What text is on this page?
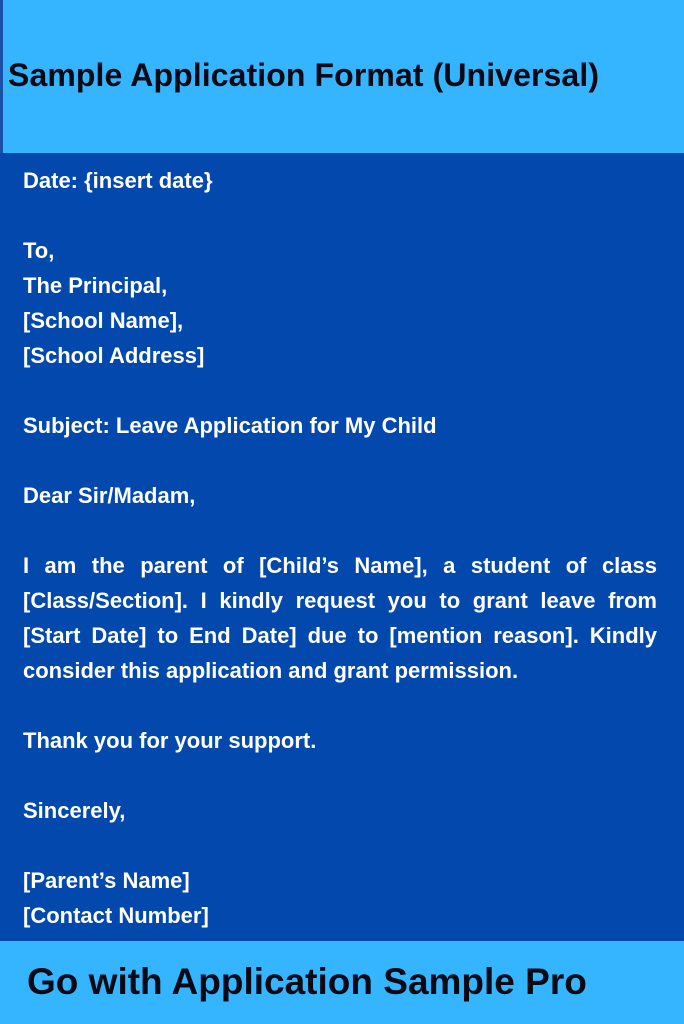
Sample Application Format (Universal)

Date: {insert date}

To,

The Principal,

[School Name],

[School Address]

Subject: Leave Application for My Child

Dear Sir/Madam,

I am the parent of [Child’s Name], a student of class [Class/Section]. I kindly request you to grant leave from [Start Date] to End Date] due to [mention reason]. Kindly consider this application and grant permission.

Thank you for your support.

Sincerely,

[Parent’s Name]

[Contact Number]

Go with Application Sample Pro
